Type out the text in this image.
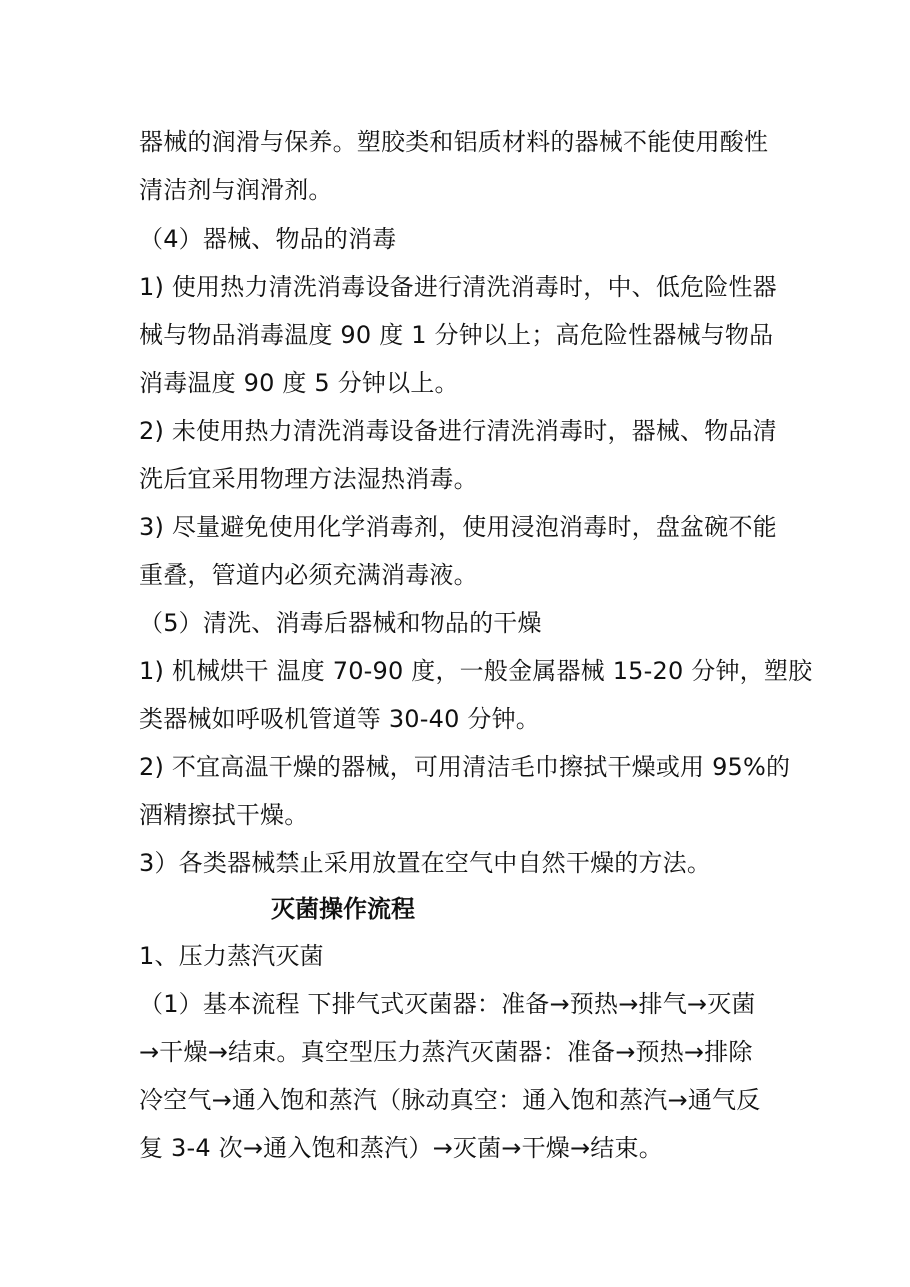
器械的润滑与保养。塑胶类和铝质材料的器械不能使用酸性
清洁剂与润滑剂。
（4）器械、物品的消毒
1) 使用热力清洗消毒设备进行清洗消毒时，中、低危险性器
械与物品消毒温度 90 度 1 分钟以上；高危险性器械与物品
消毒温度 90 度 5 分钟以上。
2) 未使用热力清洗消毒设备进行清洗消毒时，器械、物品清
洗后宜采用物理方法湿热消毒。
3) 尽量避免使用化学消毒剂，使用浸泡消毒时，盘盆碗不能
重叠，管道内必须充满消毒液。
（5）清洗、消毒后器械和物品的干燥
1) 机械烘干 温度 70-90 度，一般金属器械 15-20 分钟，塑胶
类器械如呼吸机管道等 30-40 分钟。
2) 不宜高温干燥的器械，可用清洁毛巾擦拭干燥或用 95%的
酒精擦拭干燥。
3）各类器械禁止采用放置在空气中自然干燥的方法。
灭菌操作流程
1、压力蒸汽灭菌
（1）基本流程 下排气式灭菌器：准备→预热→排气→灭菌
→干燥→结束。真空型压力蒸汽灭菌器：准备→预热→排除
冷空气→通入饱和蒸汽（脉动真空：通入饱和蒸汽→通气反
复 3-4 次→通入饱和蒸汽）→灭菌→干燥→结束。
